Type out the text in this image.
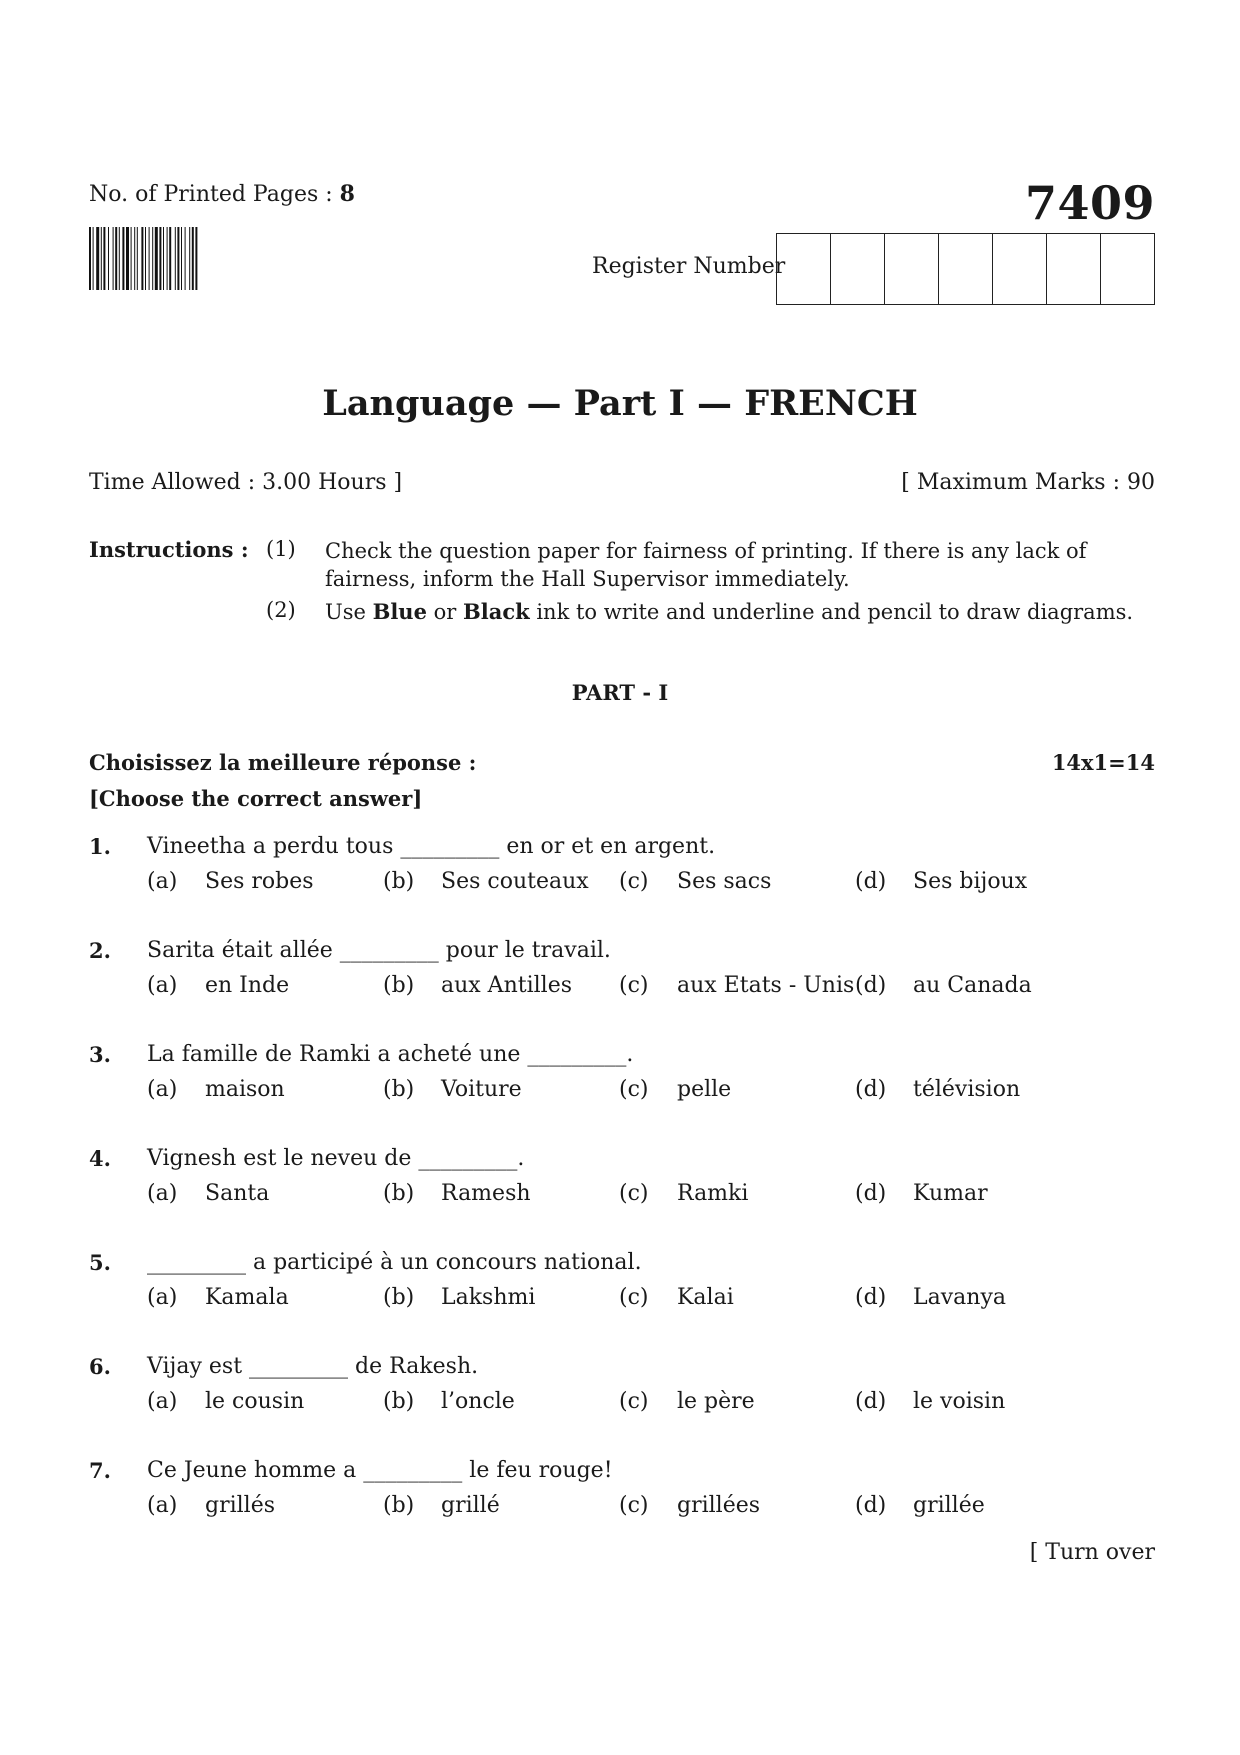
No. of Printed Pages : 8	7409
Register Number
Language — Part I — FRENCH
Time Allowed : 3.00 Hours ]	[ Maximum Marks : 90
Instructions : (1) Check the question paper for fairness of printing. If there is any lack of fairness, inform the Hall Supervisor immediately.
(2) Use Blue or Black ink to write and underline and pencil to draw diagrams.
PART - I
Choisissez la meilleure réponse :
[Choose the correct answer]
14x1=14
1. Vineetha a perdu tous _________ en or et en argent.
(a) Ses robes	(b) Ses couteaux (c) Ses sacs	(d) Ses bijoux
2. Sarita était allée _________ pour le travail.
(a) en Inde	(b) aux Antilles (c) aux Etats - Unis (d) au Canada
3. La famille de Ramki a acheté une _________.
(a) maison	(b) Voiture	(c) pelle	(d) télévision
4. Vignesh est le neveu de _________.
(a) Santa	(b) Ramesh	(c) Ramki	(d) Kumar
5. _________ a participé à un concours national.
(a) Kamala	(b) Lakshmi	(c) Kalai	(d) Lavanya
6. Vijay est _________ de Rakesh.
(a) le cousin	(b) l’oncle	(c) le père	(d) le voisin
7. Ce Jeune homme a _________ le feu rouge!
(a) grillés	(b) grillé	(c) grillées	(d) grillée
[ Turn over
